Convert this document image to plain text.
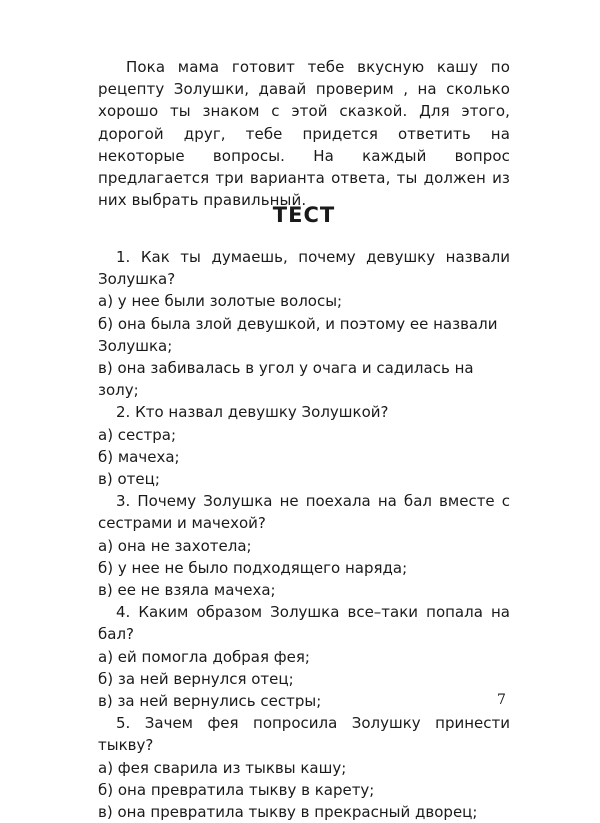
Пока мама готовит тебе вкусную кашу по рецепту Золушки, давай проверим , на сколько хорошо ты знаком с этой сказкой. Для этого, дорогой друг, тебе придется ответить на некоторые вопросы. На каждый вопрос предлагается три варианта ответа, ты должен из них выбрать правильный.

ТЕСТ
1. Как ты думаешь, почему девушку назвали Золушка?
а) у нее были золотые волосы;
б) она была злой девушкой, и поэтому ее назвали Золушка;
в) она забивалась в угол у очага и садилась на золу;
2. Кто назвал девушку Золушкой?
а) сестра;
б) мачеха;
в) отец;
3. Почему Золушка не поехала на бал вместе с сестрами и мачехой?
а) она не захотела;
б) у нее не было подходящего наряда;
в) ее не взяла мачеха;
4. Каким образом Золушка все–таки попала на бал?
а) ей помогла добрая фея;
б) за ней вернулся отец;
в) за ней вернулись сестры;
5. Зачем фея попросила Золушку принести тыкву?
а) фея сварила из тыквы кашу;
б) она превратила тыкву в карету;
в) она превратила тыкву в прекрасный дворец;

7
